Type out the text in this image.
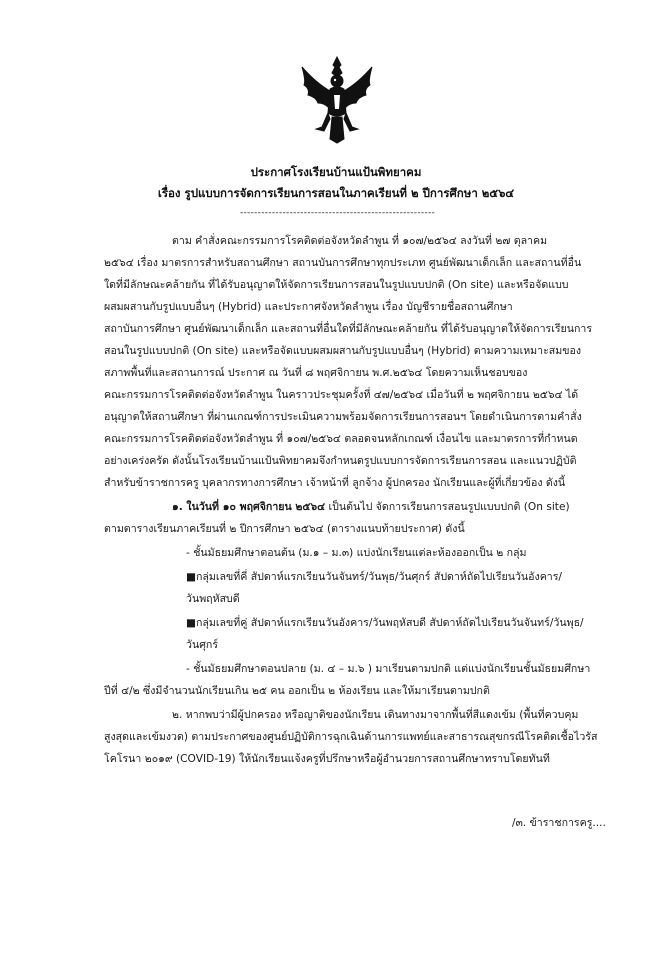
ประกาศโรงเรียนบ้านแป้นพิทยาคม
เรื่อง รูปแบบการจัดการเรียนการสอนในภาคเรียนที่ ๒ ปีการศึกษา ๒๕๖๔
-------------------------------------------------------
ตาม คำสั่งคณะกรรมการโรคติดต่อจังหวัดลำพูน ที่ ๑๐๗/๒๕๖๔ ลงวันที่ ๒๗ ตุลาคม
๒๕๖๔ เรื่อง มาตรการสำหรับสถานศึกษา สถานบันการศึกษาทุกประเภท ศูนย์พัฒนาเด็กเล็ก และสถานที่อื่น
ใดที่มีลักษณะคล้ายกัน ที่ได้รับอนุญาตให้จัดการเรียนการสอนในรูปแบบปกติ (On site) และหรือจัดแบบ
ผสมผสานกับรูปแบบอื่นๆ (Hybrid) และประกาศจังหวัดลำพูน เรื่อง บัญชีรายชื่อสถานศึกษา
สถาบันการศึกษา ศูนย์พัฒนาเด็กเล็ก และสถานที่อื่นใดที่มีลักษณะคล้ายกัน ที่ได้รับอนุญาตให้จัดการเรียนการ
สอนในรูปแบบปกติ (On site) และหรือจัดแบบผสมผสานกับรูปแบบอื่นๆ (Hybrid) ตามความเหมาะสมของ
สภาพพื้นที่และสถานการณ์ ประกาศ ณ วันที่ ๘ พฤศจิกายน พ.ศ.๒๕๖๔ โดยความเห็นชอบของ
คณะกรรมการโรคติดต่อจังหวัดลำพูน ในคราวประชุมครั้งที่ ๔๗/๒๕๖๔ เมื่อวันที่ ๒ พฤศจิกายน ๒๕๖๔ ได้
อนุญาตให้สถานศึกษา ที่ผ่านเกณฑ์การประเมินความพร้อมจัดการเรียนการสอนฯ โดยดำเนินการตามคำสั่ง
คณะกรรมการโรคติดต่อจังหวัดลำพูน ที่ ๑๐๗/๒๕๖๔ ตลอดจนหลักเกณฑ์ เงื่อนไข และมาตรการที่กำหนด
อย่างเคร่งครัด ดังนั้นโรงเรียนบ้านแป้นพิทยาคมจึงกำหนดรูปแบบการจัดการเรียนการสอน และแนวปฏิบัติ
สำหรับข้าราชการครู บุคลากรทางการศึกษา เจ้าหน้าที่ ลูกจ้าง ผู้ปกครอง นักเรียนและผู้ที่เกี่ยวข้อง ดังนี้
๑. ในวันที่ ๑๐ พฤศจิกายน ๒๕๖๔ เป็นต้นไป จัดการเรียนการสอนรูปแบบปกติ (On site)
ตามตารางเรียนภาคเรียนที่ ๒ ปีการศึกษา ๒๕๖๔ (ตารางแนบท้ายประกาศ) ดังนี้
- ชั้นมัธยมศึกษาตอนต้น (ม.๑ – ม.๓) แบ่งนักเรียนแต่ละห้องออกเป็น ๒ กลุ่ม
■กลุ่มเลขที่คี่ สัปดาห์แรกเรียนวันจันทร์/วันพุธ/วันศุกร์ สัปดาห์ถัดไปเรียนวันอังคาร/
วันพฤหัสบดี
■กลุ่มเลขที่คู่ สัปดาห์แรกเรียนวันอังคาร/วันพฤหัสบดี สัปดาห์ถัดไปเรียนวันจันทร์/วันพุธ/
วันศุกร์
- ชั้นมัธยมศึกษาตอนปลาย (ม. ๔ – ม.๖ ) มาเรียนตามปกติ แต่แบ่งนักเรียนชั้นมัธยมศึกษา
ปีที่ ๔/๒ ซึ่งมีจำนวนนักเรียนเกิน ๒๕ คน ออกเป็น ๒ ห้องเรียน และให้มาเรียนตามปกติ
๒. หากพบว่ามีผู้ปกครอง หรือญาติของนักเรียน เดินทางมาจากพื้นที่สีแดงเข้ม (พื้นที่ควบคุม
สูงสุดและเข้มงวด) ตามประกาศของศูนย์ปฏิบัติการฉุกเฉินด้านการแพทย์และสาธารณสุขกรณีโรคติดเชื้อไวรัส
โคโรนา ๒๐๑๙ (COVID-19) ให้นักเรียนแจ้งครูที่ปรึกษาหรือผู้อำนวยการสถานศึกษาทราบโดยทันที
/๓. ข้าราชการครู....
